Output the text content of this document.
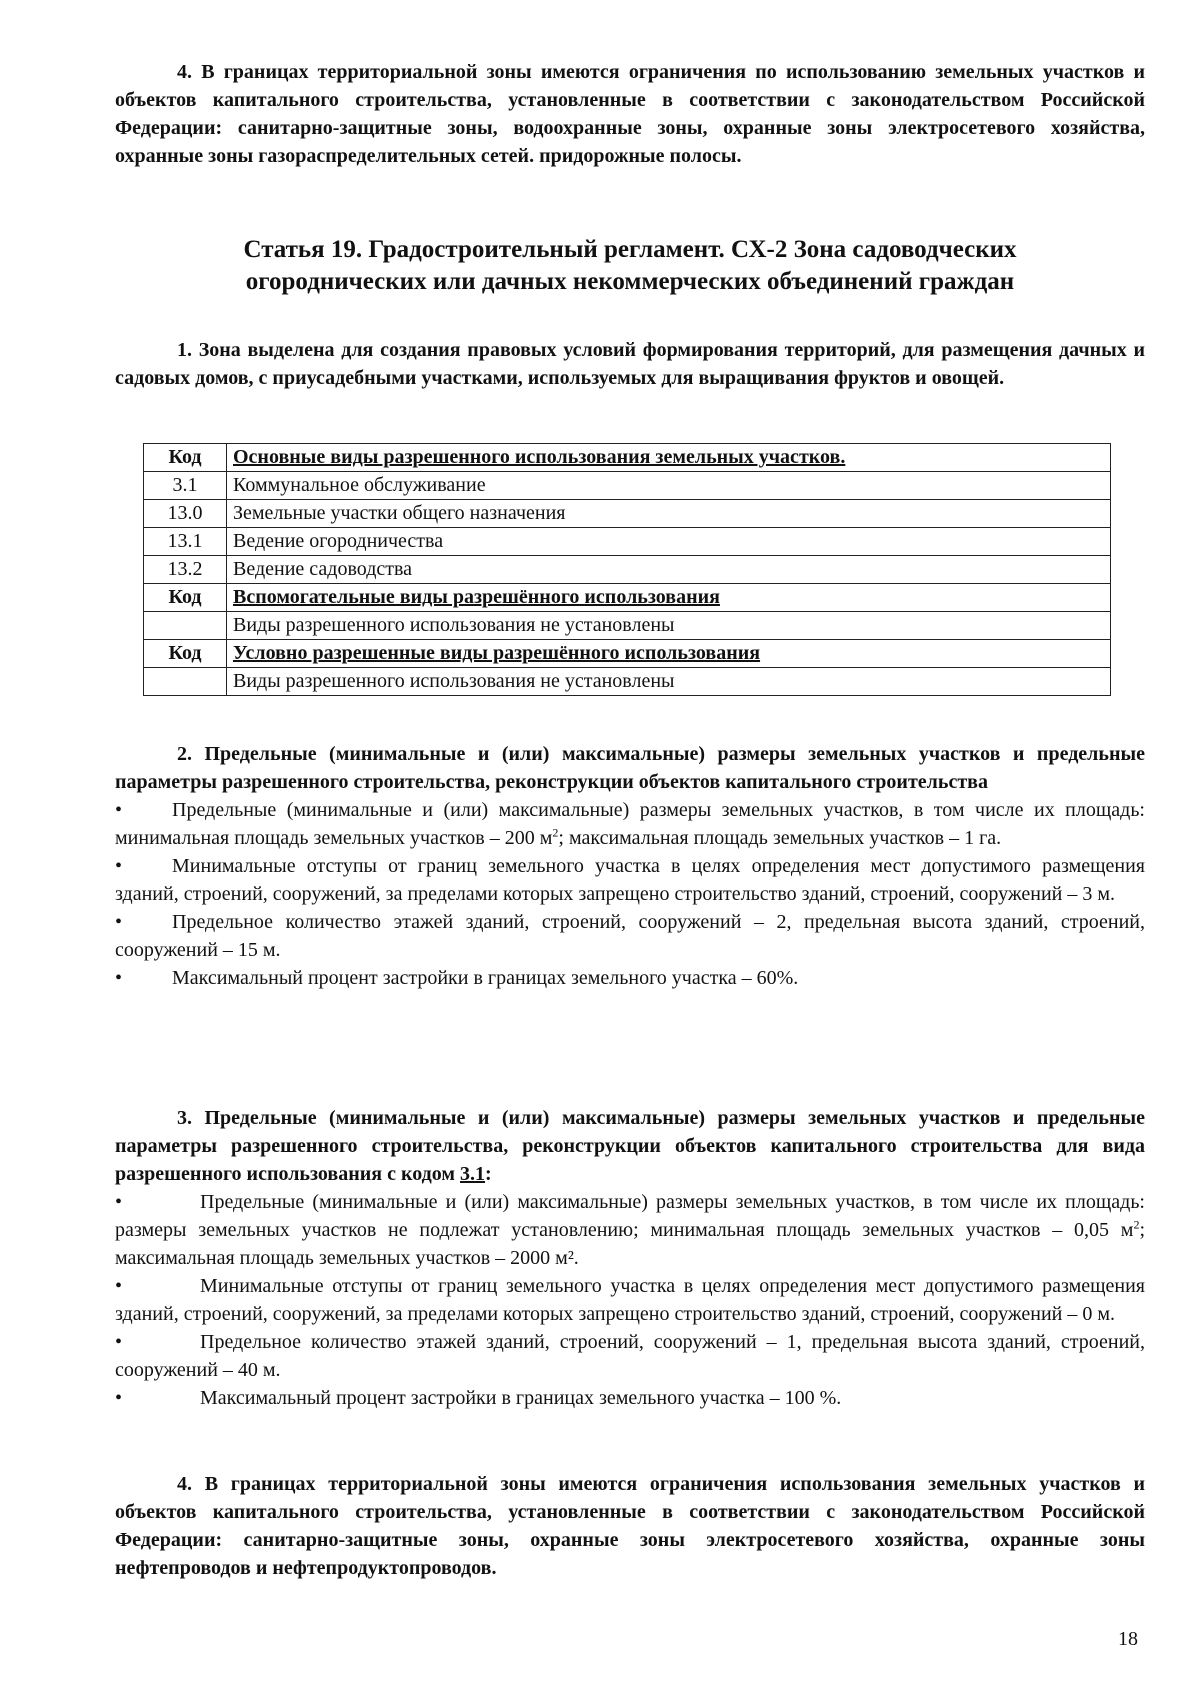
4. В границах территориальной зоны имеются ограничения по использованию земельных участков и объектов капитального строительства, установленные в соответствии с законодательством Российской Федерации: санитарно-защитные зоны, водоохранные зоны, охранные зоны электросетевого хозяйства, охранные зоны газораспределительных сетей. придорожные полосы.

Статья 19. Градостроительный регламент. СХ-2 Зона садоводческих
огороднических или дачных некоммерческих объединений граждан

1. Зона выделена для создания правовых условий формирования территорий, для размещения дачных и садовых домов, с приусадебными участками, используемых для выращивания фруктов и овощей.

Код	Основные виды разрешенного использования земельных участков.
3.1	Коммунальное обслуживание
13.0	Земельные участки общего назначения
13.1	Ведение огородничества
13.2	Ведение садоводства
Код	Вспомогательные виды разрешённого использования
	Виды разрешенного использования не установлены
Код	Условно разрешенные виды разрешённого использования
	Виды разрешенного использования не установлены

2. Предельные (минимальные и (или) максимальные) размеры земельных участков и предельные параметры разрешенного строительства, реконструкции объектов капитального строительства

• Предельные (минимальные и (или) максимальные) размеры земельных участков, в том числе их площадь: минимальная площадь земельных участков – 200 $м^2$; максимальная площадь земельных участков – 1 га.

• Минимальные отступы от границ земельного участка в целях определения мест допустимого размещения зданий, строений, сооружений, за пределами которых запрещено строительство зданий, строений, сооружений – 3 м.

• Предельное количество этажей зданий, строений, сооружений – 2, предельная высота зданий, строений, сооружений – 15 м.

• Максимальный процент застройки в границах земельного участка – 60%.

3. Предельные (минимальные и (или) максимальные) размеры земельных участков и предельные параметры разрешенного строительства, реконструкции объектов капитального строительства для вида разрешенного использования с кодом 3.1:

•	Предельные (минимальные и (или) максимальные) размеры земельных участков, в том числе их площадь: размеры земельных участков не подлежат установлению; минимальная площадь земельных участков – 0,05 $м^2$; максимальная площадь земельных участков – 2000 м².

•	Минимальные отступы от границ земельного участка в целях определения мест допустимого размещения зданий, строений, сооружений, за пределами которых запрещено строительство зданий, строений, сооружений – 0 м.

•	Предельное количество этажей зданий, строений, сооружений – 1, предельная высота зданий, строений, сооружений – 40 м.

•	Максимальный процент застройки в границах земельного участка – 100 %.

4. В границах территориальной зоны имеются ограничения использования земельных участков и объектов капитального строительства, установленные в соответствии с законодательством Российской Федерации: санитарно-защитные зоны, охранные зоны электросетевого хозяйства, охранные зоны нефтепроводов и нефтепродуктопроводов.

18
